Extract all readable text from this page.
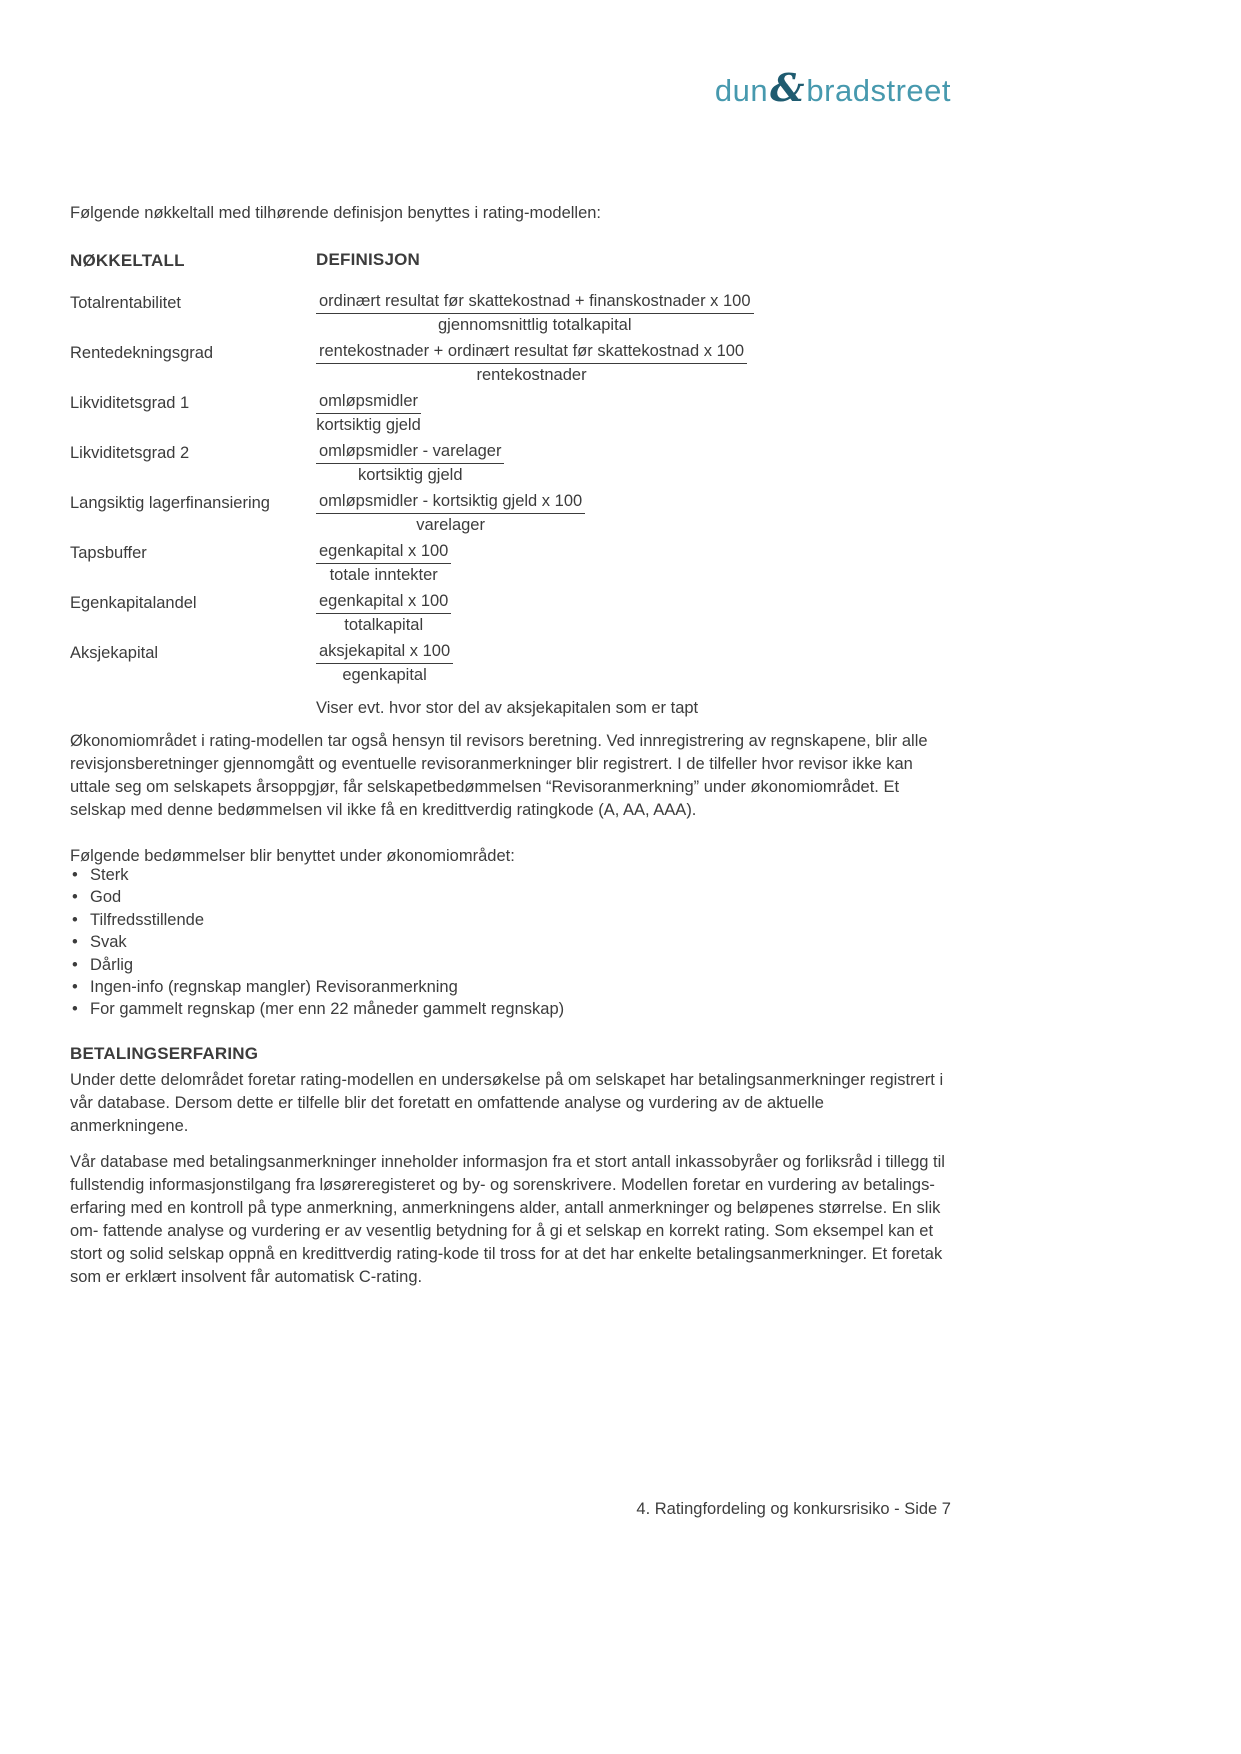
dun&bradstreet

Følgende nøkkeltall med tilhørende definisjon benyttes i rating-modellen:

NØKKELTALL	DEFINISJON
Totalrentabilitet	$\frac{\text{ordinært resultat før skattekostnad + finanskostnader x 100}}{\text{gjennomsnittlig totalkapital}}$
Rentedekningsgrad	$\frac{\text{rentekostnader + ordinært resultat før skattekostnad x 100}}{\text{rentekostnader}}$
Likviditetsgrad 1	$\frac{\text{omløpsmidler}}{\text{kortsiktig gjeld}}$
Likviditetsgrad 2	$\frac{\text{omløpsmidler - varelager}}{\text{kortsiktig gjeld}}$
Langsiktig lagerfinansiering	$\frac{\text{omløpsmidler - kortsiktig gjeld x 100}}{\text{varelager}}$
Tapsbuffer	$\frac{\text{egenkapital x 100}}{\text{totale inntekter}}$
Egenkapitalandel	$\frac{\text{egenkapital x 100}}{\text{totalkapital}}$
Aksjekapital	$\frac{\text{aksjekapital x 100}}{\text{egenkapital}}$
Viser evt. hvor stor del av aksjekapitalen som er tapt

Økonomiområdet i rating-modellen tar også hensyn til revisors beretning. Ved innregistrering av regnskapene, blir alle revisjonsberetninger gjennomgått og eventuelle revisoranmerkninger blir registrert. I de tilfeller hvor revisor ikke kan uttale seg om selskapets årsoppgjør, får selskapetbedømmelsen “Revisoranmerkning” under økonomiområdet. Et selskap med denne bedømmelsen vil ikke få en kredittverdig ratingkode (A, AA, AAA).

Følgende bedømmelser blir benyttet under økonomiområdet:

•Sterk
•God
•Tilfredsstillende
•Svak
•Dårlig
•Ingen-info (regnskap mangler) Revisoranmerkning
•For gammelt regnskap (mer enn 22 måneder gammelt regnskap)
BETALINGSERFARING

Under dette delområdet foretar rating-modellen en undersøkelse på om selskapet har betalingsanmerkninger registrert i vår database. Dersom dette er tilfelle blir det foretatt en omfattende analyse og vurdering av de aktuelle anmerkningene.

Vår database med betalingsanmerkninger inneholder informasjon fra et stort antall inkassobyråer og forliksråd i tillegg til fullstendig informasjonstilgang fra løsøreregisteret og by- og sorenskrivere. Modellen foretar en vurdering av betalings- erfaring med en kontroll på type anmerkning, anmerkningens alder, antall anmerkninger og beløpenes størrelse. En slik om- fattende analyse og vurdering er av vesentlig betydning for å gi et selskap en korrekt rating. Som eksempel kan et stort og solid selskap oppnå en kredittverdig rating-kode til tross for at det har enkelte betalingsanmerkninger. Et foretak som er erklært insolvent får automatisk C-rating.

4. Ratingfordeling og konkursrisiko - Side 7
